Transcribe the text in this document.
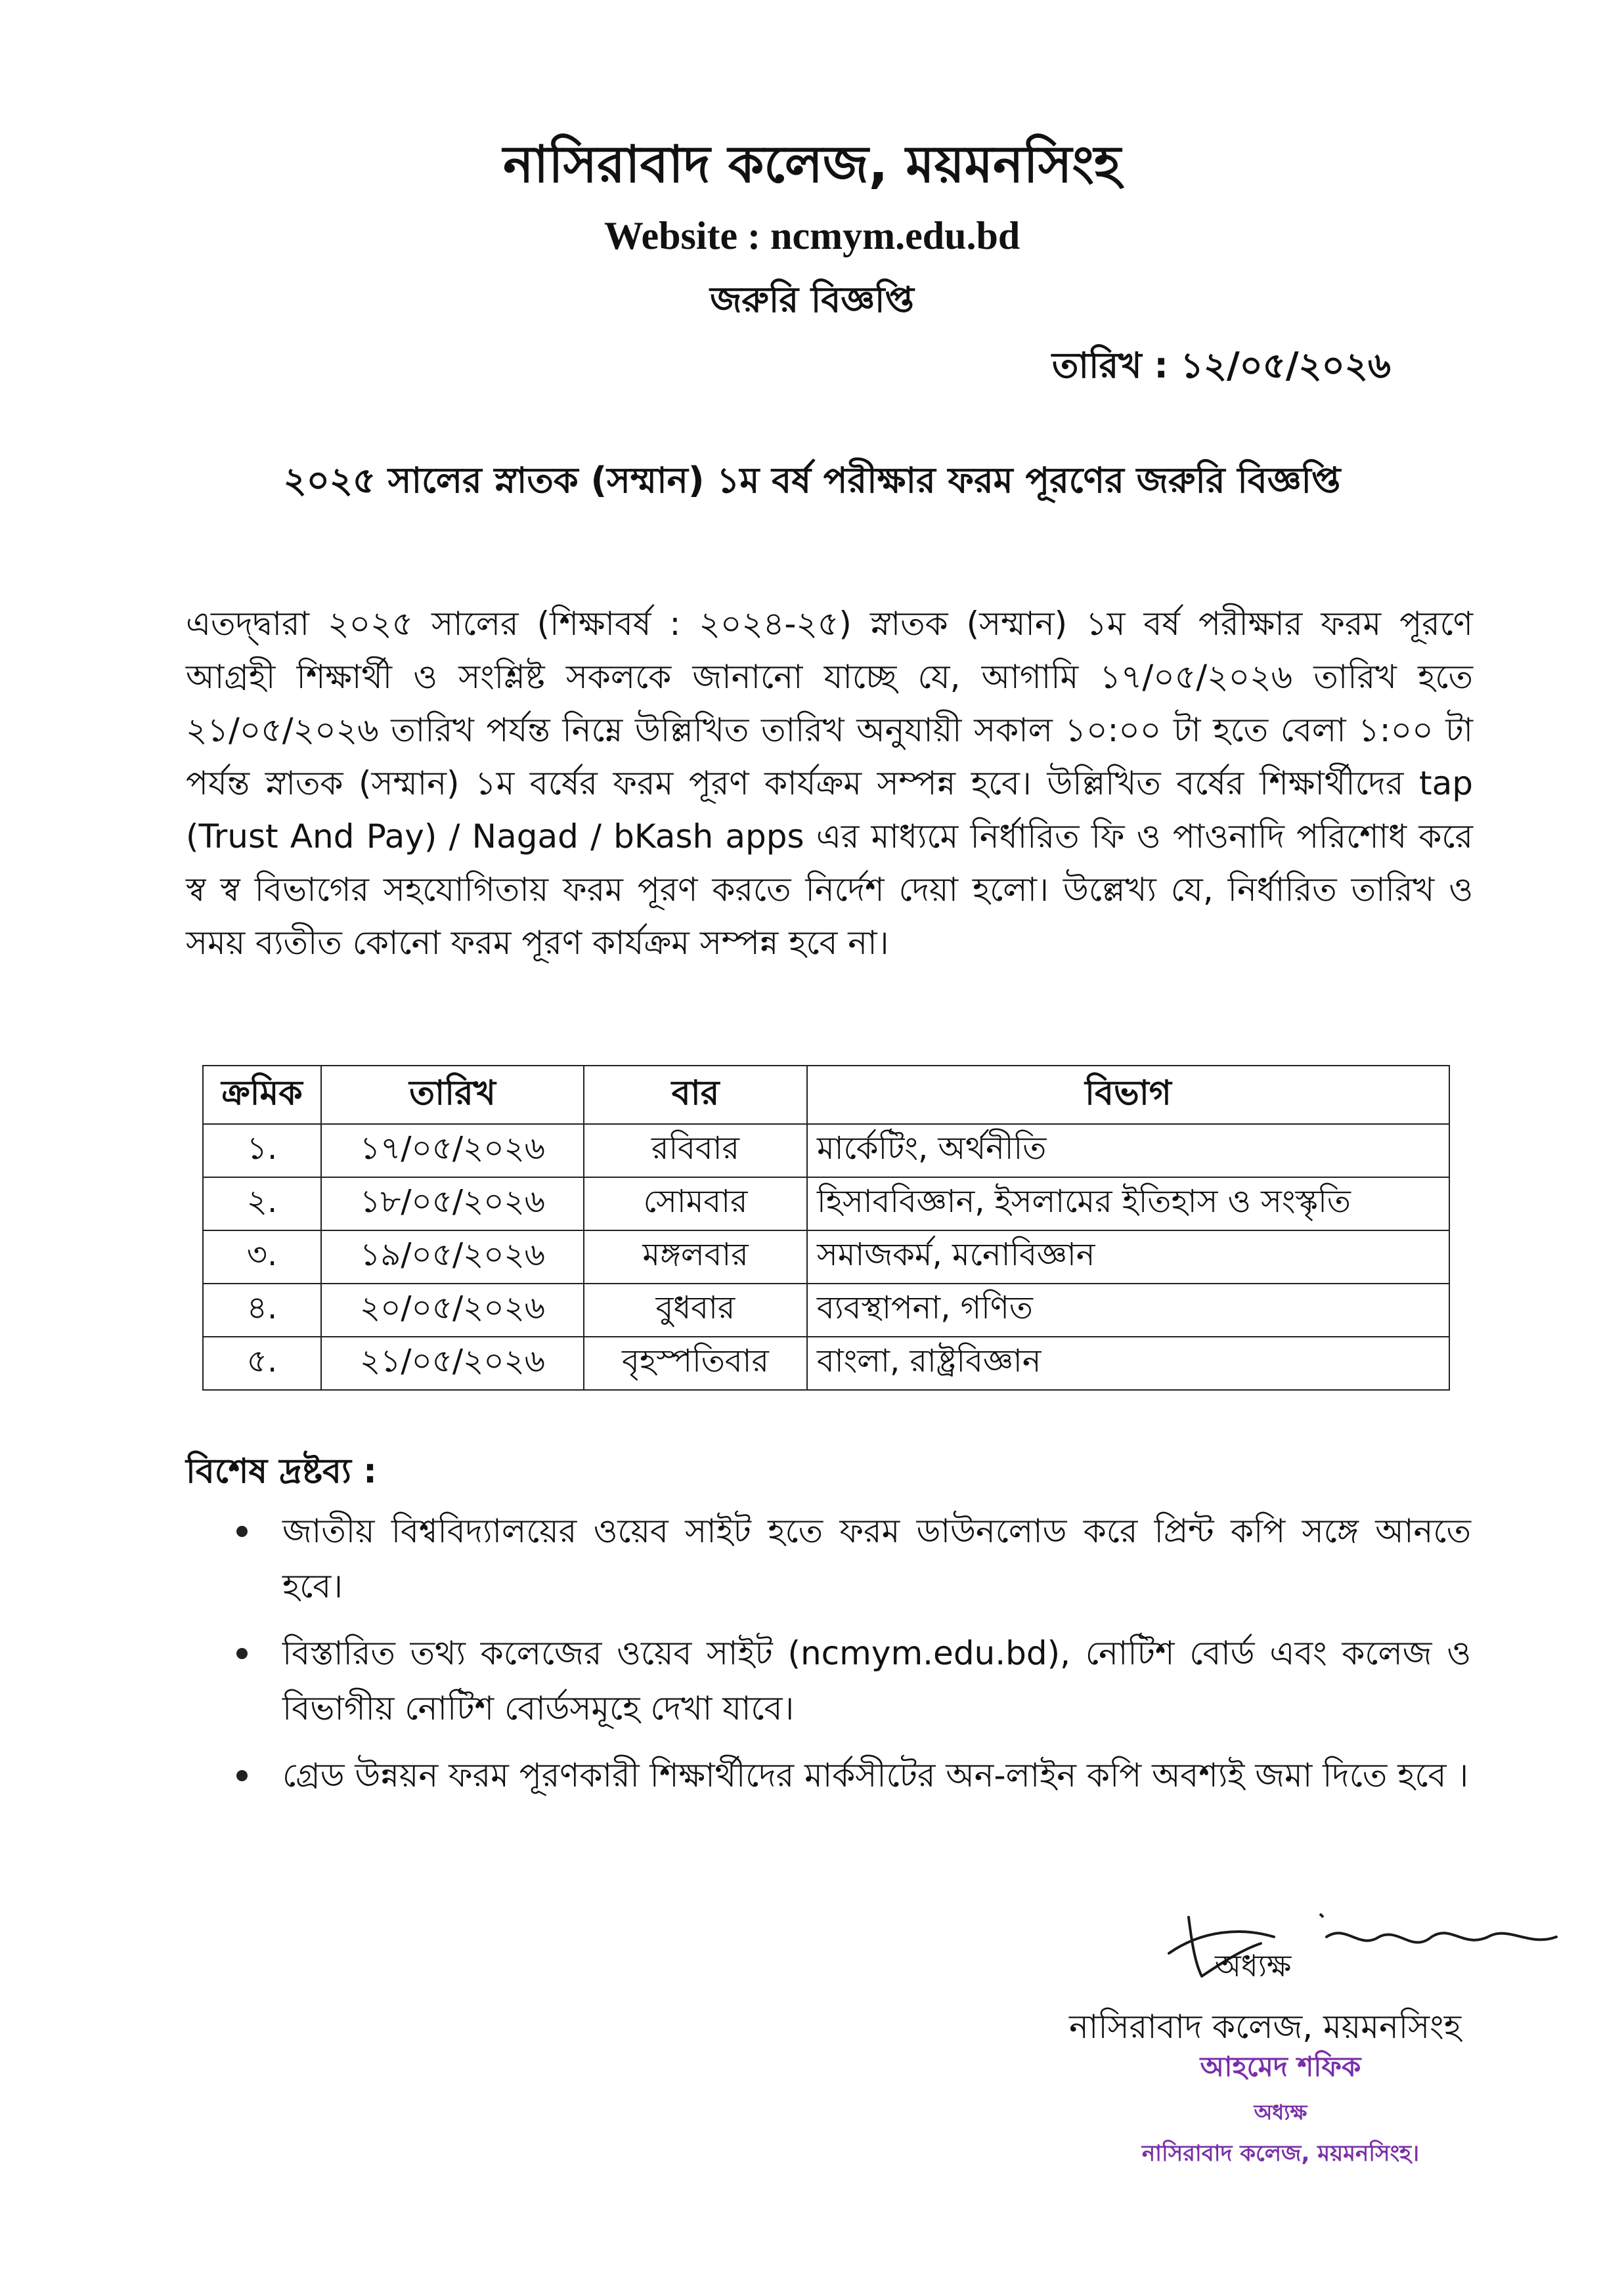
নাসিরাবাদ কলেজ, ময়মনসিংহ
Website : ncmym.edu.bd
জরুরি বিজ্ঞপ্তি
তারিখ : ১২/০৫/২০২৬
২০২৫ সালের স্নাতক (সম্মান) ১ম বর্ষ পরীক্ষার ফরম পূরণের জরুরি বিজ্ঞপ্তি
এতদ্দ্বারা ২০২৫ সালের (শিক্ষাবর্ষ : ২০২৪-২৫) স্নাতক (সম্মান) ১ম বর্ষ পরীক্ষার ফরম পূরণে আগ্রহী শিক্ষার্থী ও সংশ্লিষ্ট সকলকে জানানো যাচ্ছে যে, আগামি ১৭/০৫/২০২৬ তারিখ হতে ২১/০৫/২০২৬ তারিখ পর্যন্ত নিম্নে উল্লিখিত তারিখ অনুযায়ী সকাল ১০:০০ টা হতে বেলা ১:০০ টা পর্যন্ত স্নাতক (সম্মান) ১ম বর্ষের ফরম পূরণ কার্যক্রম সম্পন্ন হবে। উল্লিখিত বর্ষের শিক্ষার্থীদের tap (Trust And Pay) / Nagad / bKash apps এর মাধ্যমে নির্ধারিত ফি ও পাওনাদি পরিশোধ করে স্ব স্ব বিভাগের সহযোগিতায় ফরম পূরণ করতে নির্দেশ দেয়া হলো। উল্লেখ্য যে, নির্ধারিত তারিখ ও সময় ব্যতীত কোনো ফরম পূরণ কার্যক্রম সম্পন্ন হবে না।
ক্রমিক	তারিখ	বার	বিভাগ
১.	১৭/০৫/২০২৬	রবিবার	মার্কেটিং, অর্থনীতি
২.	১৮/০৫/২০২৬	সোমবার	হিসাববিজ্ঞান, ইসলামের ইতিহাস ও সংস্কৃতি
৩.	১৯/০৫/২০২৬	মঙ্গলবার	সমাজকর্ম, মনোবিজ্ঞান
৪.	২০/০৫/২০২৬	বুধবার	ব্যবস্থাপনা, গণিত
৫.	২১/০৫/২০২৬	বৃহস্পতিবার	বাংলা, রাষ্ট্রবিজ্ঞান
বিশেষ দ্রষ্টব্য :
জাতীয় বিশ্ববিদ্যালয়ের ওয়েব সাইট হতে ফরম ডাউনলোড করে প্রিন্ট কপি সঙ্গে আনতে হবে।
বিস্তারিত তথ্য কলেজের ওয়েব সাইট (ncmym.edu.bd), নোটিশ বোর্ড এবং কলেজ ও বিভাগীয় নোটিশ বোর্ডসমূহে দেখা যাবে।
গ্রেড উন্নয়ন ফরম পূরণকারী শিক্ষার্থীদের মার্কসীটের অন-লাইন কপি অবশ্যই জমা দিতে হবে ।
অধ্যক্ষ
নাসিরাবাদ কলেজ, ময়মনসিংহ
আহমেদ শফিক
অধ্যক্ষ
নাসিরাবাদ কলেজ, ময়মনসিংহ।
